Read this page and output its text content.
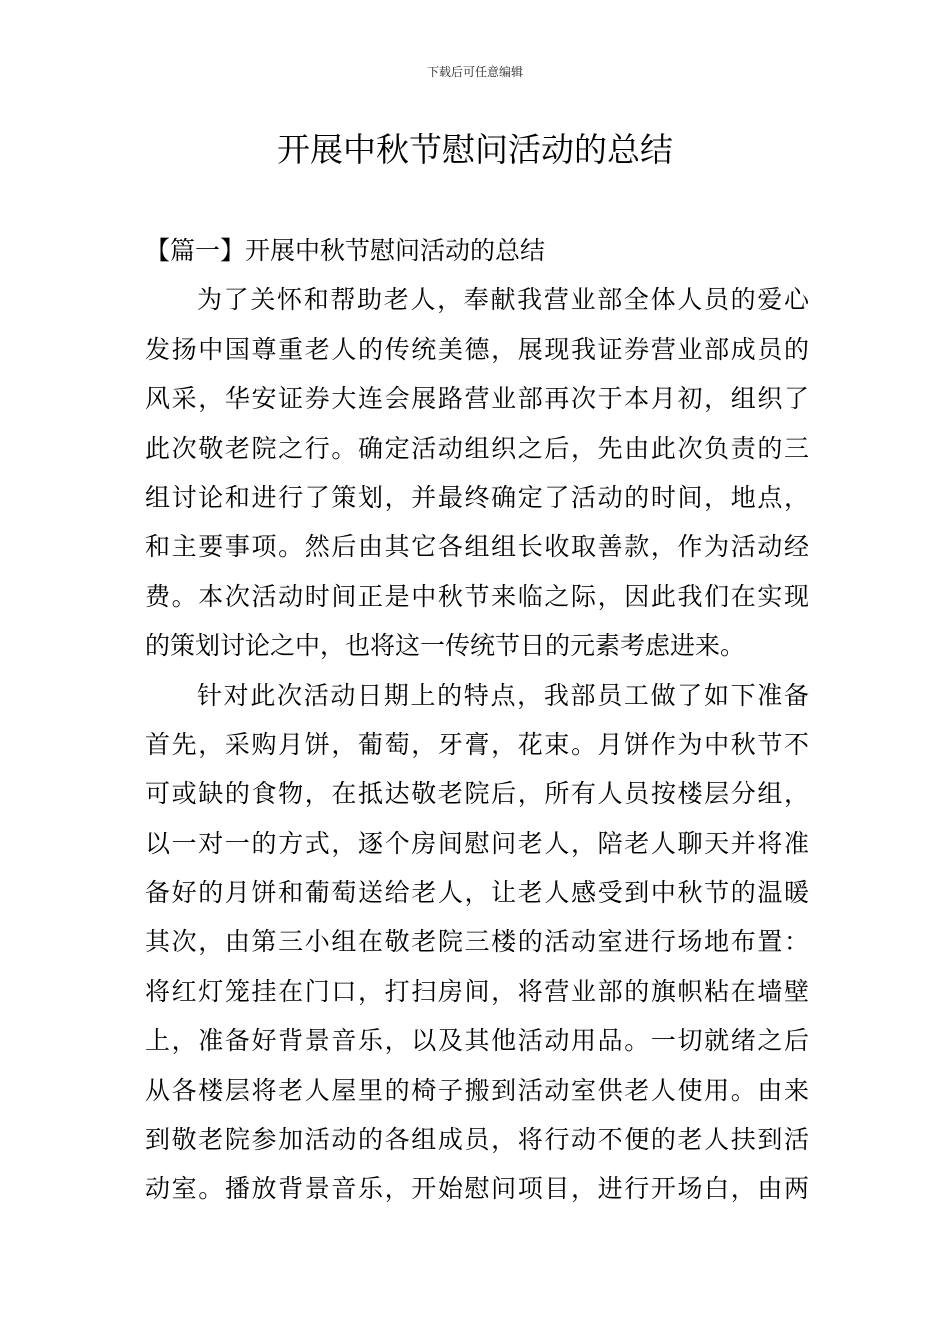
下载后可任意编辑
开展中秋节慰问活动的总结
【篇一】开展中秋节慰问活动的总结
为了关怀和帮助老人，奉献我营业部全体人员的爱心
发扬中国尊重老人的传统美德，展现我证券营业部成员的
风采，华安证券大连会展路营业部再次于本月初，组织了
此次敬老院之行。确定活动组织之后，先由此次负责的三
组讨论和进行了策划，并最终确定了活动的时间，地点，
和主要事项。然后由其它各组组长收取善款，作为活动经
费。本次活动时间正是中秋节来临之际，因此我们在实现
的策划讨论之中，也将这一传统节日的元素考虑进来。
针对此次活动日期上的特点，我部员工做了如下准备
首先，采购月饼，葡萄，牙膏，花束。月饼作为中秋节不
可或缺的食物，在抵达敬老院后，所有人员按楼层分组，
以一对一的方式，逐个房间慰问老人，陪老人聊天并将准
备好的月饼和葡萄送给老人，让老人感受到中秋节的温暖
其次，由第三小组在敬老院三楼的活动室进行场地布置：
将红灯笼挂在门口，打扫房间，将营业部的旗帜粘在墙壁
上，准备好背景音乐，以及其他活动用品。一切就绪之后
从各楼层将老人屋里的椅子搬到活动室供老人使用。由来
到敬老院参加活动的各组成员，将行动不便的老人扶到活
动室。播放背景音乐，开始慰问项目，进行开场白，由两
